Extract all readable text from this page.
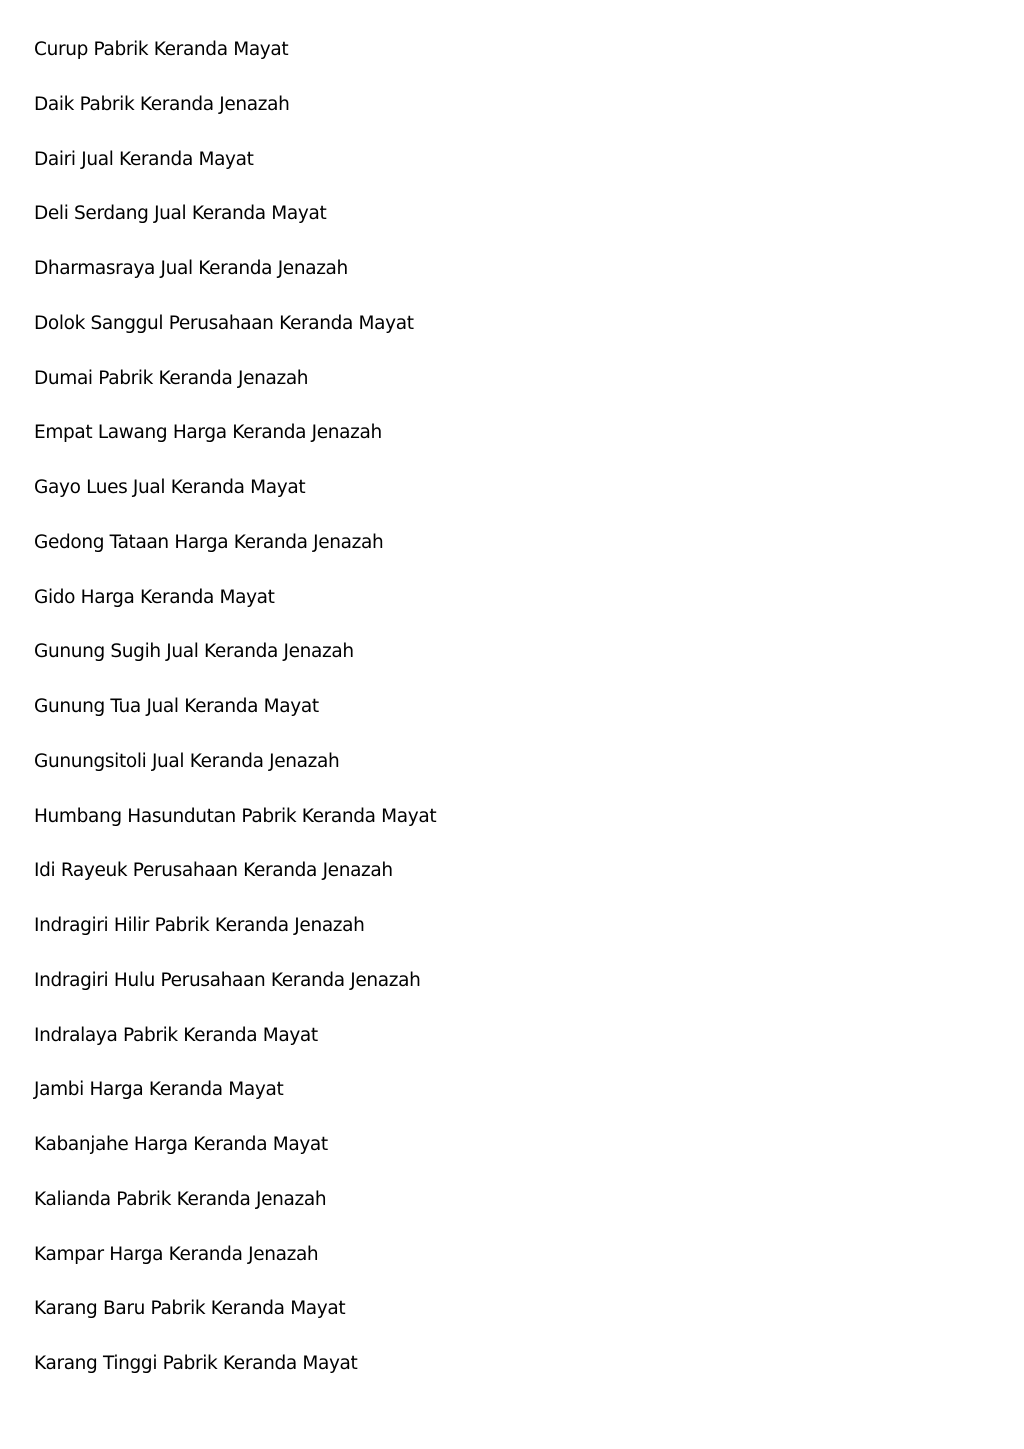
Curup Pabrik Keranda Mayat
Daik Pabrik Keranda Jenazah
Dairi Jual Keranda Mayat
Deli Serdang Jual Keranda Mayat
Dharmasraya Jual Keranda Jenazah
Dolok Sanggul Perusahaan Keranda Mayat
Dumai Pabrik Keranda Jenazah
Empat Lawang Harga Keranda Jenazah
Gayo Lues Jual Keranda Mayat
Gedong Tataan Harga Keranda Jenazah
Gido Harga Keranda Mayat
Gunung Sugih Jual Keranda Jenazah
Gunung Tua Jual Keranda Mayat
Gunungsitoli Jual Keranda Jenazah
Humbang Hasundutan Pabrik Keranda Mayat
Idi Rayeuk Perusahaan Keranda Jenazah
Indragiri Hilir Pabrik Keranda Jenazah
Indragiri Hulu Perusahaan Keranda Jenazah
Indralaya Pabrik Keranda Mayat
Jambi Harga Keranda Mayat
Kabanjahe Harga Keranda Mayat
Kalianda Pabrik Keranda Jenazah
Kampar Harga Keranda Jenazah
Karang Baru Pabrik Keranda Mayat
Karang Tinggi Pabrik Keranda Mayat
